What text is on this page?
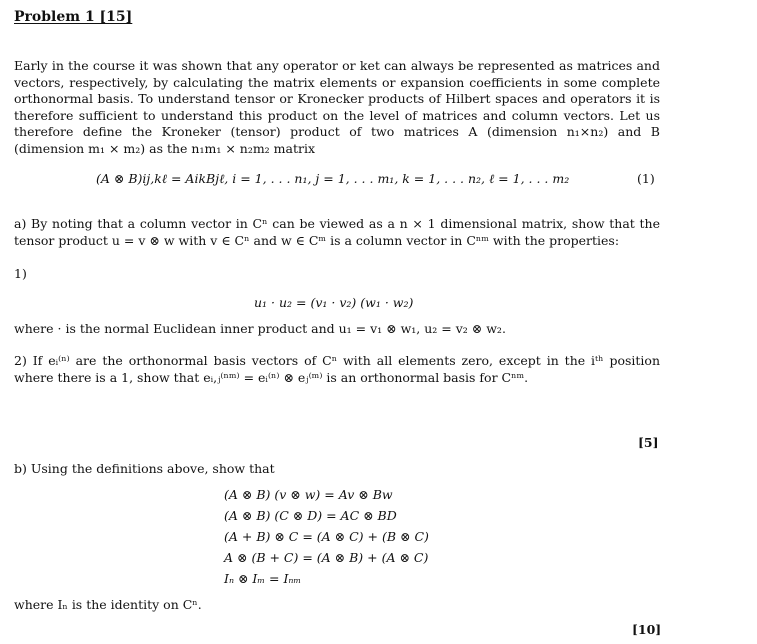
Problem 1 [15]
Early in the course it was shown that any operator or ket can always be represented as matrices and vectors, respectively, by calculating the matrix elements or expansion coefficients in some complete orthonormal basis. To understand tensor or Kronecker products of Hilbert spaces and operators it is therefore sufficient to understand this product on the level of matrices and column vectors. Let us therefore define the Kroneker (tensor) product of two matrices A (dimension n₁×n₂) and B (dimension m₁ × m₂) as the n₁m₁ × n₂m₂ matrix
(A ⊗ B)ij,kℓ = AikBjℓ, i = 1, . . . n₁, j = 1, . . . m₁, k = 1, . . . n₂, ℓ = 1, . . . m₂	(1)
a) By noting that a column vector in Cⁿ can be viewed as a n × 1 dimensional matrix, show that the tensor product u = v ⊗ w with v ∈ Cⁿ and w ∈ Cᵐ is a column vector in Cⁿᵐ with the properties:
1)
u₁ · u₂ = (v₁ · v₂) (w₁ · w₂)
where · is the normal Euclidean inner product and u₁ = v₁ ⊗ w₁, u₂ = v₂ ⊗ w₂.
2) If eᵢ⁽ⁿ⁾ are the orthonormal basis vectors of Cⁿ with all elements zero, except in the iᵗʰ position where there is a 1, show that eᵢ,ⱼ⁽ⁿᵐ⁾ = eᵢ⁽ⁿ⁾ ⊗ eⱼ⁽ᵐ⁾ is an orthonormal basis for Cⁿᵐ.
[5]
b) Using the definitions above, show that
(A ⊗ B) (v ⊗ w) = Av ⊗ Bw
(A ⊗ B) (C ⊗ D) = AC ⊗ BD
(A + B) ⊗ C = (A ⊗ C) + (B ⊗ C)
A ⊗ (B + C) = (A ⊗ B) + (A ⊗ C)
Iₙ ⊗ Iₘ = Iₙₘ
where Iₙ is the identity on Cⁿ.
[10]
